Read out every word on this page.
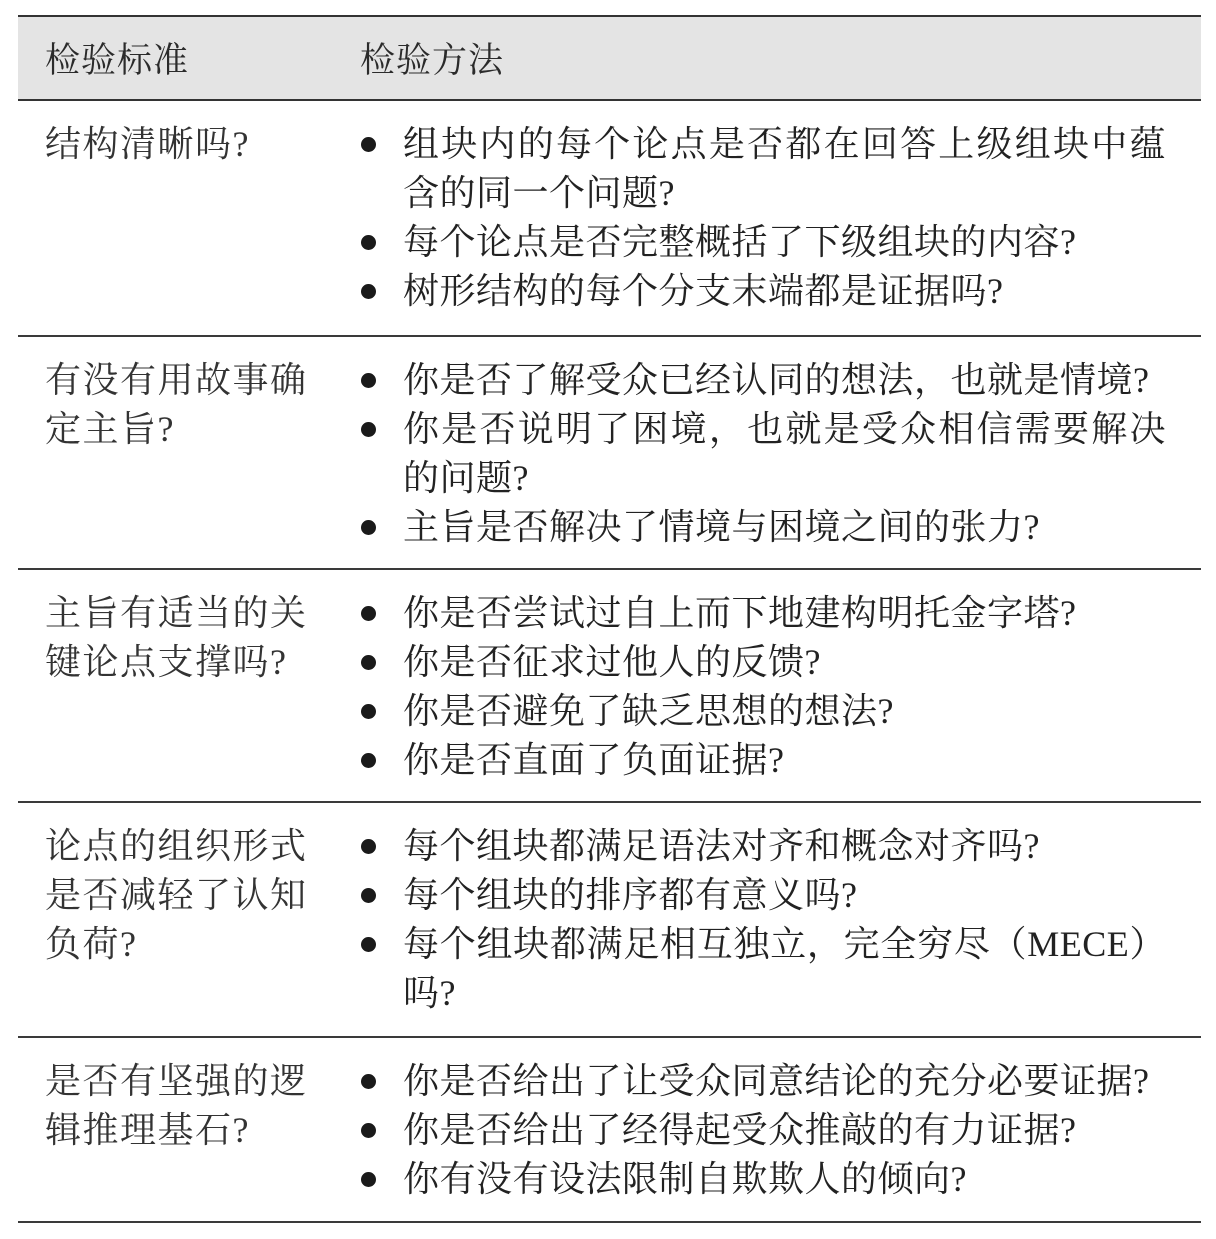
检验标准	检验方法
结构清晰吗?	组块内的每个论点是否都在回答上级组块中蕴含的同一个问题?
每个论点是否完整概括了下级组块的内容?
树形结构的每个分支末端都是证据吗?
有没有用故事确定主旨?
你是否了解受众已经认同的想法，也就是情境?
你是否说明了困境，也就是受众相信需要解决的问题?
主旨是否解决了情境与困境之间的张力?
主旨有适当的关键论点支撑吗?
你是否尝试过自上而下地建构明托金字塔?
你是否征求过他人的反馈?
你是否避免了缺乏思想的想法?
你是否直面了负面证据?
论点的组织形式是否减轻了认知负荷?
每个组块都满足语法对齐和概念对齐吗?
每个组块的排序都有意义吗?
每个组块都满足相互独立，完全穷尽（MECE）吗?
是否有坚强的逻辑推理基石?
你是否给出了让受众同意结论的充分必要证据?
你是否给出了经得起受众推敲的有力证据?
你有没有设法限制自欺欺人的倾向?
